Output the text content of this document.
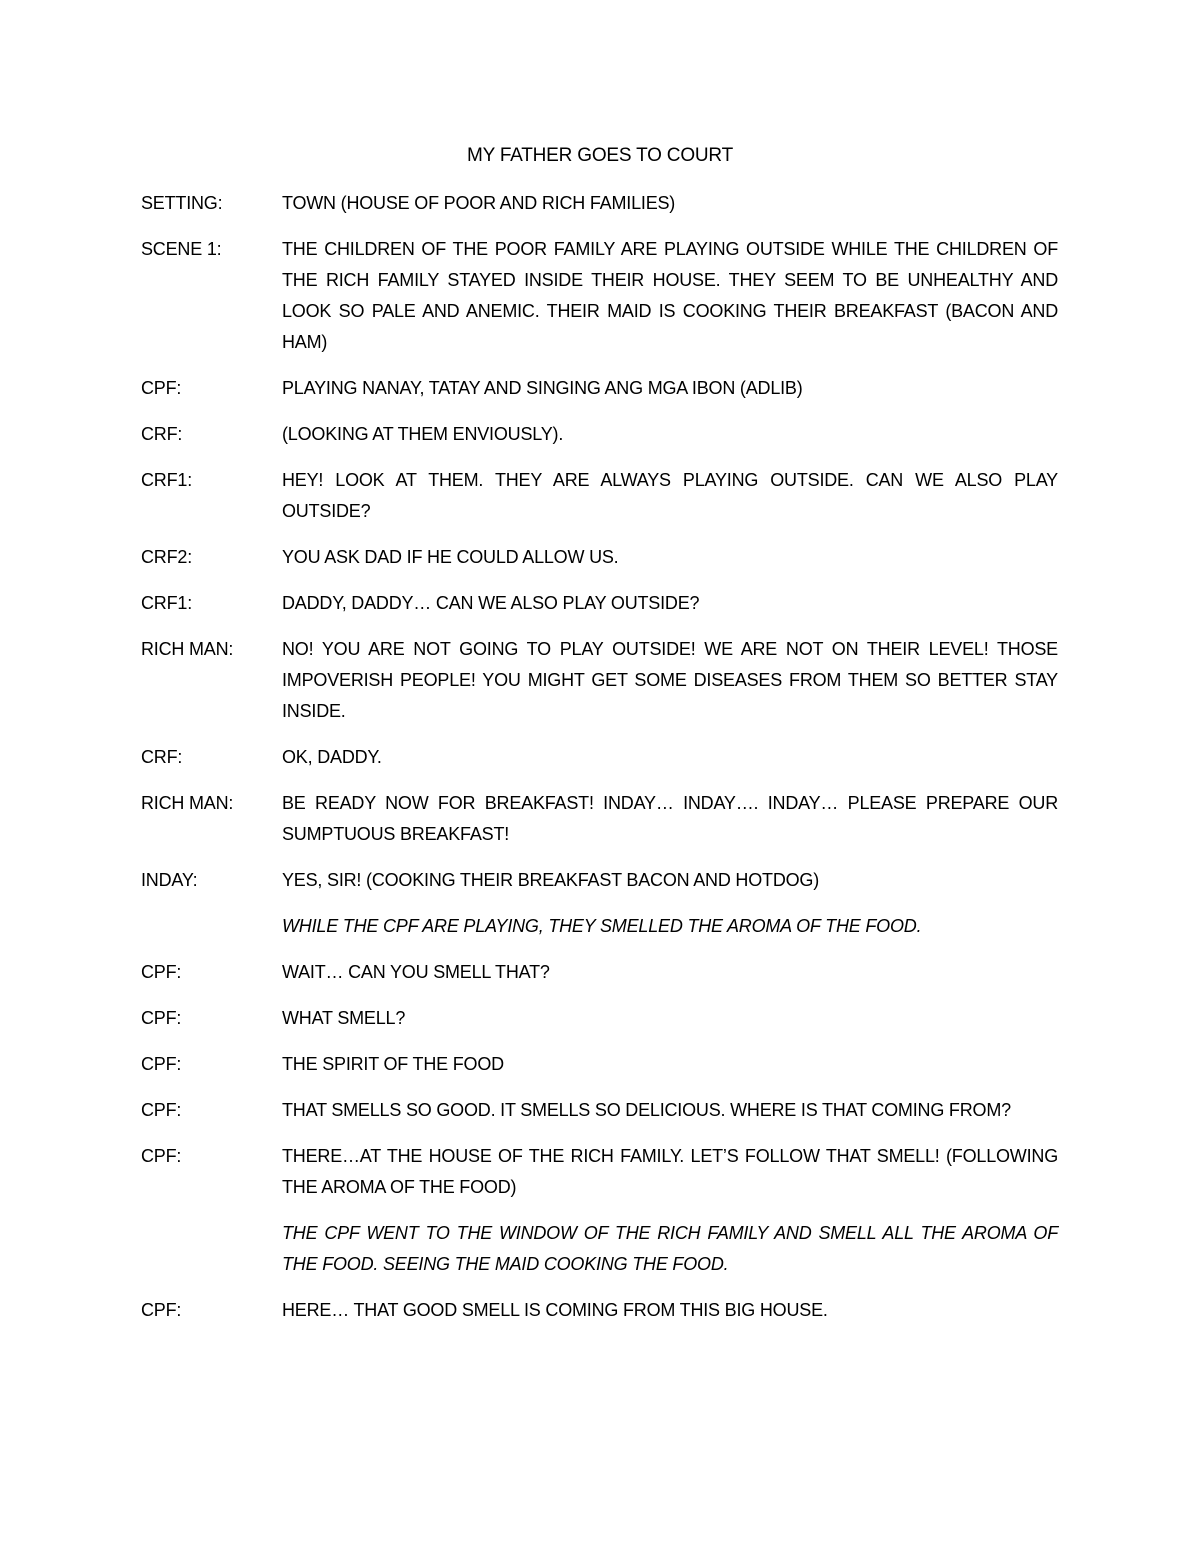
MY FATHER GOES TO COURT
SETTING:	TOWN (HOUSE OF POOR AND RICH FAMILIES)
SCENE 1:	THE CHILDREN OF THE POOR FAMILY ARE PLAYING OUTSIDE WHILE THE CHILDREN OF THE RICH FAMILY STAYED INSIDE THEIR HOUSE. THEY SEEM TO BE UNHEALTHY AND LOOK SO PALE AND ANEMIC. THEIR MAID IS COOKING THEIR BREAKFAST (BACON AND HAM)
CPF:	PLAYING NANAY, TATAY AND SINGING ANG MGA IBON (ADLIB)
CRF:	(LOOKING AT THEM ENVIOUSLY).
CRF1:	HEY! LOOK AT THEM. THEY ARE ALWAYS PLAYING OUTSIDE. CAN WE ALSO PLAY OUTSIDE?
CRF2:	YOU ASK DAD IF HE COULD ALLOW US.
CRF1:	DADDY, DADDY… CAN WE ALSO PLAY OUTSIDE?
RICH MAN:	NO! YOU ARE NOT GOING TO PLAY OUTSIDE! WE ARE NOT ON THEIR LEVEL! THOSE IMPOVERISH PEOPLE! YOU MIGHT GET SOME DISEASES FROM THEM SO BETTER STAY INSIDE.
CRF:	OK, DADDY.
RICH MAN:	BE READY NOW FOR BREAKFAST! INDAY… INDAY…. INDAY… PLEASE PREPARE OUR SUMPTUOUS BREAKFAST!
INDAY:	YES, SIR! (COOKING THEIR BREAKFAST BACON AND HOTDOG)
WHILE THE CPF ARE PLAYING, THEY SMELLED THE AROMA OF THE FOOD.
CPF:	WAIT… CAN YOU SMELL THAT?
CPF:	WHAT SMELL?
CPF:	THE SPIRIT OF THE FOOD
CPF:	THAT SMELLS SO GOOD. IT SMELLS SO DELICIOUS. WHERE IS THAT COMING FROM?
CPF:	THERE…AT THE HOUSE OF THE RICH FAMILY. LET’S FOLLOW THAT SMELL! (FOLLOWING THE AROMA OF THE FOOD)
THE CPF WENT TO THE WINDOW OF THE RICH FAMILY AND SMELL ALL THE AROMA OF THE FOOD. SEEING THE MAID COOKING THE FOOD.
CPF:	HERE… THAT GOOD SMELL IS COMING FROM THIS BIG HOUSE.
